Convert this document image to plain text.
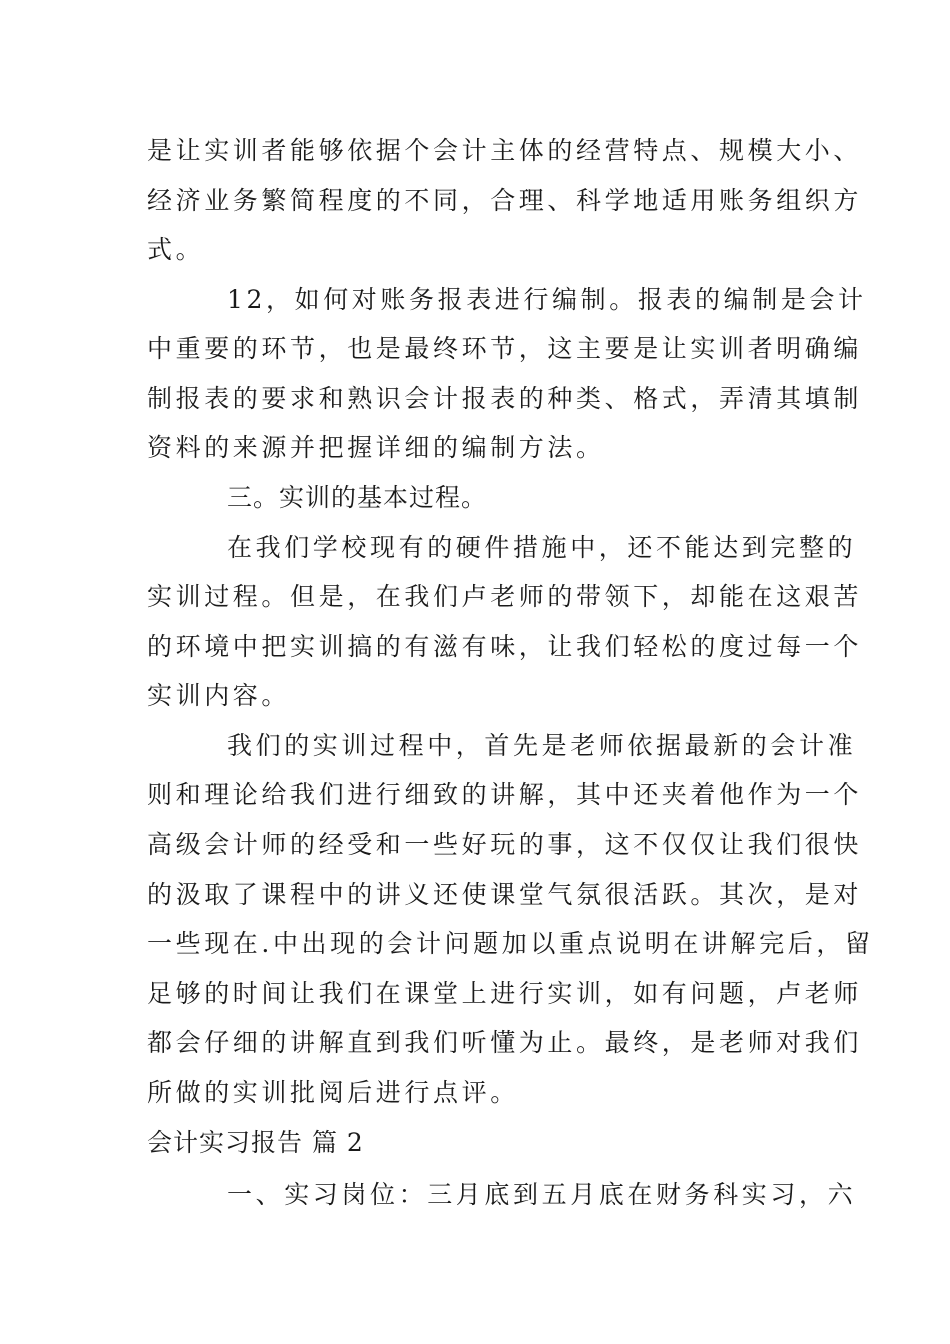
是让实训者能够依据个会计主体的经营特点、规模大小、
经济业务繁简程度的不同，合理、科学地适用账务组织方
式。
12，如何对账务报表进行编制。报表的编制是会计
中重要的环节，也是最终环节，这主要是让实训者明确编
制报表的要求和熟识会计报表的种类、格式，弄清其填制
资料的来源并把握详细的编制方法。
三。实训的基本过程。
在我们学校现有的硬件措施中，还不能达到完整的
实训过程。但是，在我们卢老师的带领下，却能在这艰苦
的环境中把实训搞的有滋有味，让我们轻松的度过每一个
实训内容。
我们的实训过程中，首先是老师依据最新的会计准
则和理论给我们进行细致的讲解，其中还夹着他作为一个
高级会计师的经受和一些好玩的事，这不仅仅让我们很快
的汲取了课程中的讲义还使课堂气氛很活跃。其次，是对
一些现在.中出现的会计问题加以重点说明在讲解完后，留
足够的时间让我们在课堂上进行实训，如有问题，卢老师
都会仔细的讲解直到我们听懂为止。最终，是老师对我们
所做的实训批阅后进行点评。
会计实习报告 篇 2
一、实习岗位：三月底到五月底在财务科实习，六
